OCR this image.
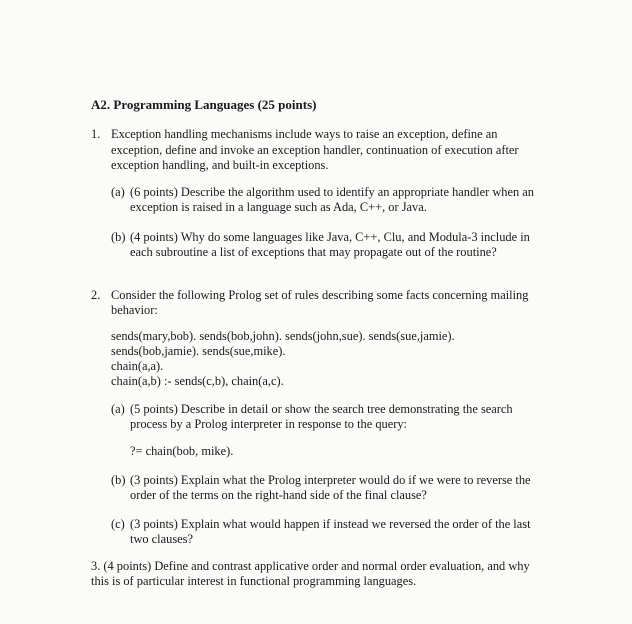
A2. Programming Languages (25 points)
1. Exception handling mechanisms include ways to raise an exception, define an
exception, define and invoke an exception handler, continuation of execution after
exception handling, and built-in exceptions.
(a) (6 points) Describe the algorithm used to identify an appropriate handler when an
exception is raised in a language such as Ada, C++, or Java.
(b) (4 points) Why do some languages like Java, C++, Clu, and Modula-3 include in
each subroutine a list of exceptions that may propagate out of the routine?
2. Consider the following Prolog set of rules describing some facts concerning mailing
behavior:
sends(mary,bob). sends(bob,john). sends(john,sue). sends(sue,jamie).
sends(bob,jamie). sends(sue,mike).
chain(a,a).
chain(a,b) :- sends(c,b), chain(a,c).
(a) (5 points) Describe in detail or show the search tree demonstrating the search
process by a Prolog interpreter in response to the query:
?= chain(bob, mike).
(b) (3 points) Explain what the Prolog interpreter would do if we were to reverse the
order of the terms on the right-hand side of the final clause?
(c) (3 points) Explain what would happen if instead we reversed the order of the last
two clauses?
3. (4 points) Define and contrast applicative order and normal order evaluation, and why
this is of particular interest in functional programming languages.
